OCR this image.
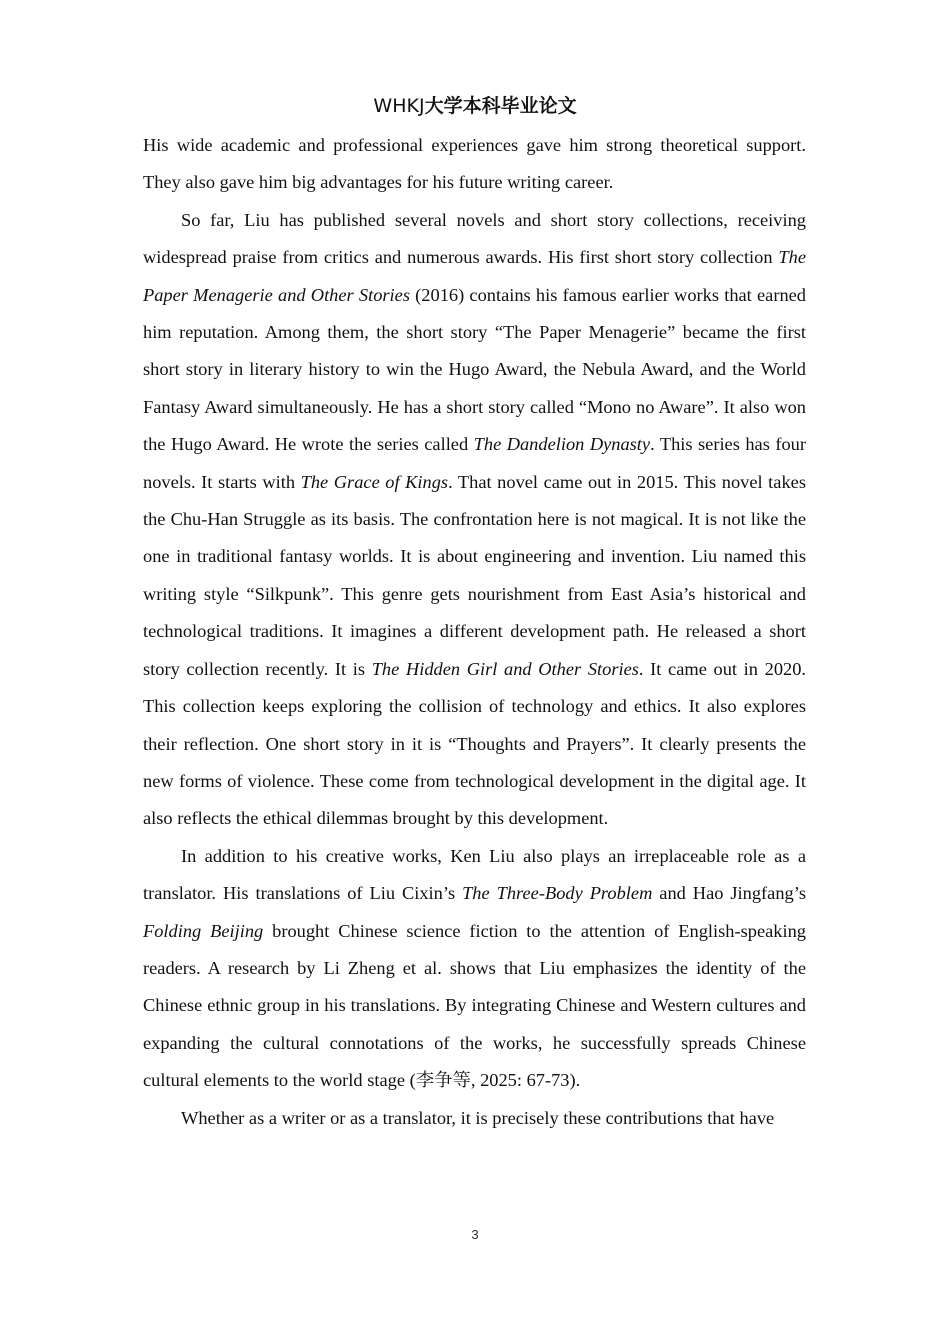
WHKJ大学本科毕业论文

His wide academic and professional experiences gave him strong theoretical support. They also gave him big advantages for his future writing career.

So far, Liu has published several novels and short story collections, receiving widespread praise from critics and numerous awards. His first short story collection The Paper Menagerie and Other Stories (2016) contains his famous earlier works that earned him reputation. Among them, the short story “The Paper Menagerie” became the first short story in literary history to win the Hugo Award, the Nebula Award, and the World Fantasy Award simultaneously. He has a short story called “Mono no Aware”. It also won the Hugo Award. He wrote the series called The Dandelion Dynasty. This series has four novels. It starts with The Grace of Kings. That novel came out in 2015. This novel takes the Chu-Han Struggle as its basis. The confrontation here is not magical. It is not like the one in traditional fantasy worlds. It is about engineering and invention. Liu named this writing style “Silkpunk”. This genre gets nourishment from East Asia’s historical and technological traditions. It imagines a different development path. He released a short story collection recently. It is The Hidden Girl and Other Stories. It came out in 2020. This collection keeps exploring the collision of technology and ethics. It also explores their reflection. One short story in it is “Thoughts and Prayers”. It clearly presents the new forms of violence. These come from technological development in the digital age. It also reflects the ethical dilemmas brought by this development.

In addition to his creative works, Ken Liu also plays an irreplaceable role as a translator. His translations of Liu Cixin’s The Three-Body Problem and Hao Jingfang’s Folding Beijing brought Chinese science fiction to the attention of English-speaking readers. A research by Li Zheng et al. shows that Liu emphasizes the identity of the Chinese ethnic group in his translations. By integrating Chinese and Western cultures and expanding the cultural connotations of the works, he successfully spreads Chinese cultural elements to the world stage (李争等, 2025: 67-73).

Whether as a writer or as a translator, it is precisely these contributions that have

3
